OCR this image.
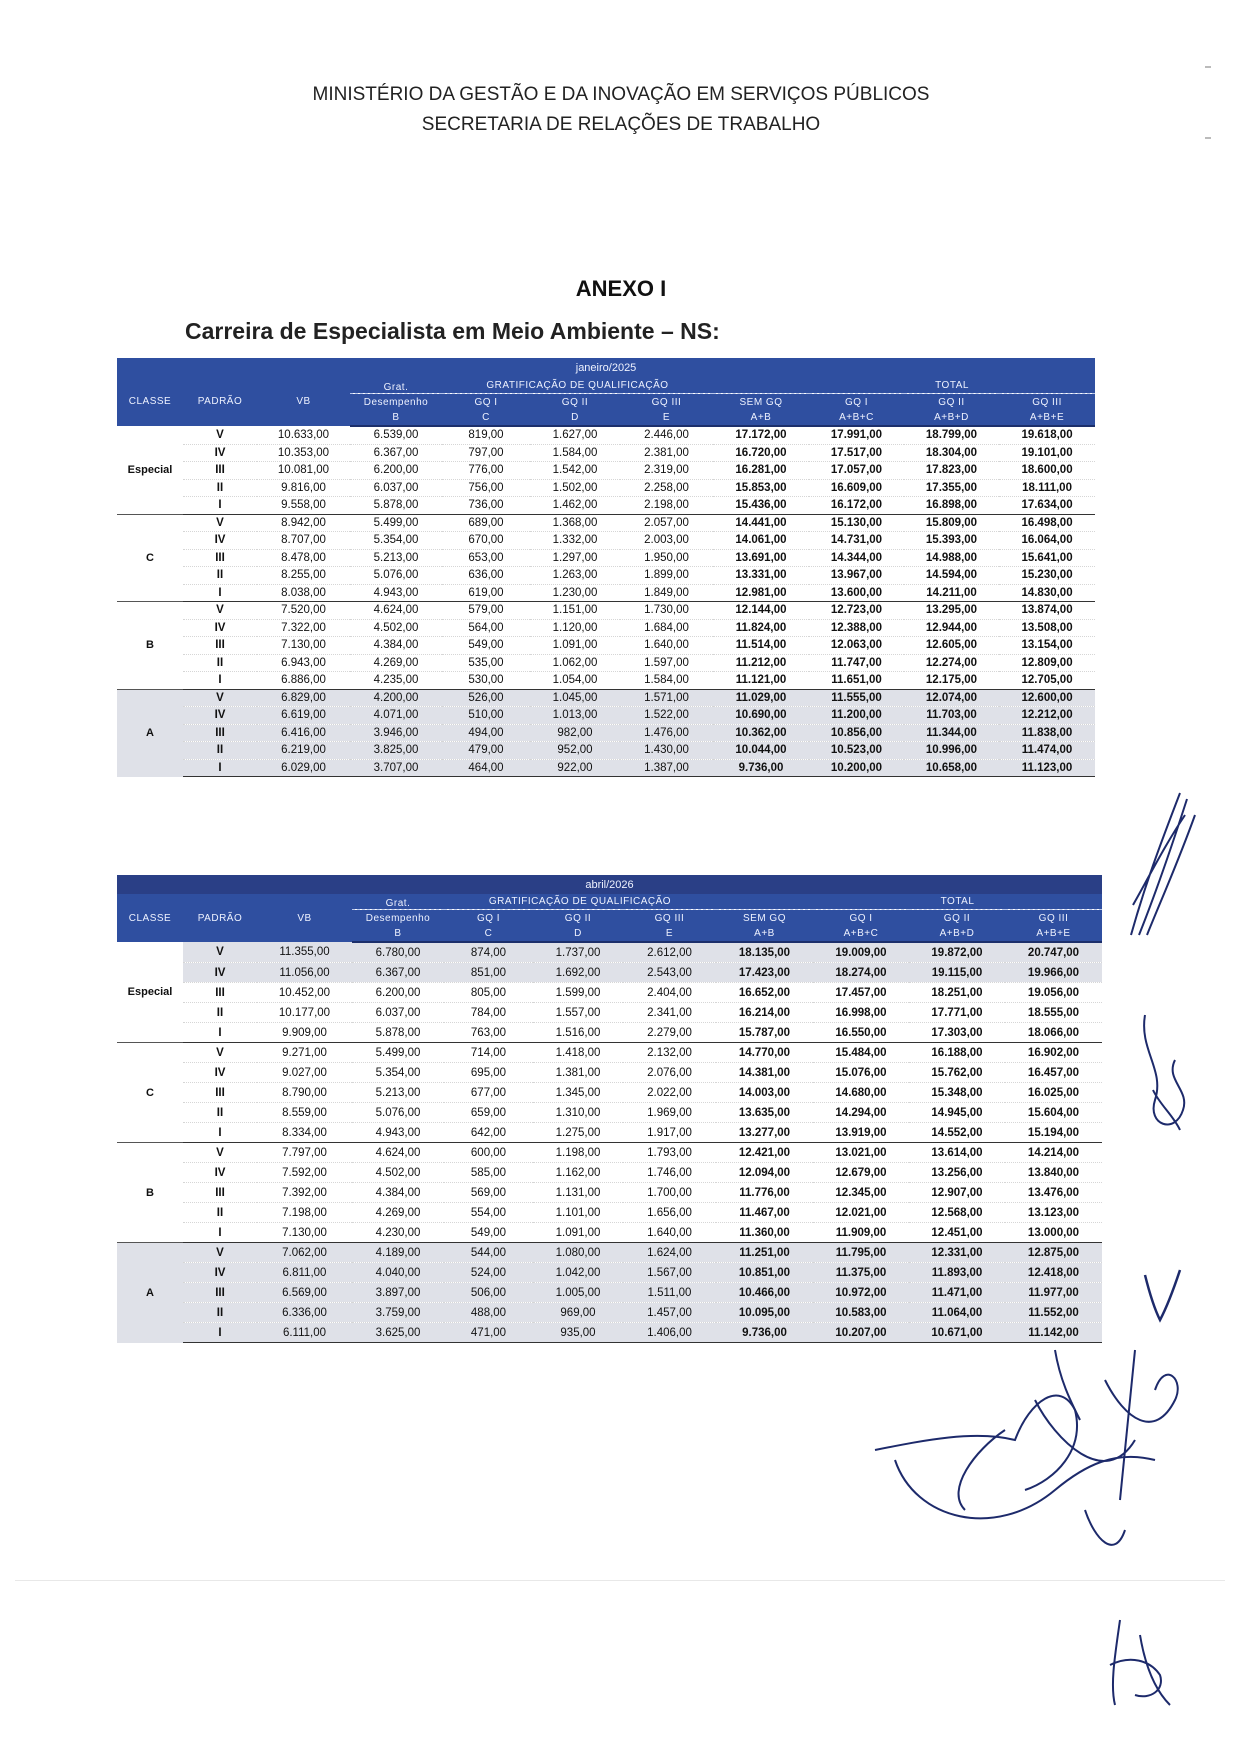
MINISTÉRIO DA GESTÃO E DA INOVAÇÃO EM SERVIÇOS PÚBLICOS
SECRETARIA DE RELAÇÕES DE TRABALHO
ANEXO I
Carreira de Especialista em Meio Ambiente – NS:
janeiro/2025										
CLASSE	PADRÃO	VB	Grat.	GRATIFICAÇÃO DE QUALIFICAÇÃO				TOTAL		
			Desempenho	GQ I	GQ II	GQ III	SEM GQ	GQ I	GQ II	GQ III
			B	C	D	E	A+B	A+B+C	A+B+D	A+B+E
Especial	V	10.633,00	6.539,00	819,00	1.627,00	2.446,00	17.172,00	17.991,00	18.799,00	19.618,00
	IV	10.353,00	6.367,00	797,00	1.584,00	2.381,00	16.720,00	17.517,00	18.304,00	19.101,00
	III	10.081,00	6.200,00	776,00	1.542,00	2.319,00	16.281,00	17.057,00	17.823,00	18.600,00
	II	9.816,00	6.037,00	756,00	1.502,00	2.258,00	15.853,00	16.609,00	17.355,00	18.111,00
	I	9.558,00	5.878,00	736,00	1.462,00	2.198,00	15.436,00	16.172,00	16.898,00	17.634,00
C	V	8.942,00	5.499,00	689,00	1.368,00	2.057,00	14.441,00	15.130,00	15.809,00	16.498,00
	IV	8.707,00	5.354,00	670,00	1.332,00	2.003,00	14.061,00	14.731,00	15.393,00	16.064,00
	III	8.478,00	5.213,00	653,00	1.297,00	1.950,00	13.691,00	14.344,00	14.988,00	15.641,00
	II	8.255,00	5.076,00	636,00	1.263,00	1.899,00	13.331,00	13.967,00	14.594,00	15.230,00
	I	8.038,00	4.943,00	619,00	1.230,00	1.849,00	12.981,00	13.600,00	14.211,00	14.830,00
B	V	7.520,00	4.624,00	579,00	1.151,00	1.730,00	12.144,00	12.723,00	13.295,00	13.874,00
	IV	7.322,00	4.502,00	564,00	1.120,00	1.684,00	11.824,00	12.388,00	12.944,00	13.508,00
	III	7.130,00	4.384,00	549,00	1.091,00	1.640,00	11.514,00	12.063,00	12.605,00	13.154,00
	II	6.943,00	4.269,00	535,00	1.062,00	1.597,00	11.212,00	11.747,00	12.274,00	12.809,00
	I	6.886,00	4.235,00	530,00	1.054,00	1.584,00	11.121,00	11.651,00	12.175,00	12.705,00
A	V	6.829,00	4.200,00	526,00	1.045,00	1.571,00	11.029,00	11.555,00	12.074,00	12.600,00
	IV	6.619,00	4.071,00	510,00	1.013,00	1.522,00	10.690,00	11.200,00	11.703,00	12.212,00
	III	6.416,00	3.946,00	494,00	982,00	1.476,00	10.362,00	10.856,00	11.344,00	11.838,00
	II	6.219,00	3.825,00	479,00	952,00	1.430,00	10.044,00	10.523,00	10.996,00	11.474,00
	I	6.029,00	3.707,00	464,00	922,00	1.387,00	9.736,00	10.200,00	10.658,00	11.123,00
abril/2026										
CLASSE	PADRÃO	VB	Grat.	GRATIFICAÇÃO DE QUALIFICAÇÃO				TOTAL		
			Desempenho	GQ I	GQ II	GQ III	SEM GQ	GQ I	GQ II	GQ III
			B	C	D	E	A+B	A+B+C	A+B+D	A+B+E
Especial	V	11.355,00	6.780,00	874,00	1.737,00	2.612,00	18.135,00	19.009,00	19.872,00	20.747,00
	IV	11.056,00	6.367,00	851,00	1.692,00	2.543,00	17.423,00	18.274,00	19.115,00	19.966,00
	III	10.452,00	6.200,00	805,00	1.599,00	2.404,00	16.652,00	17.457,00	18.251,00	19.056,00
	II	10.177,00	6.037,00	784,00	1.557,00	2.341,00	16.214,00	16.998,00	17.771,00	18.555,00
	I	9.909,00	5.878,00	763,00	1.516,00	2.279,00	15.787,00	16.550,00	17.303,00	18.066,00
C	V	9.271,00	5.499,00	714,00	1.418,00	2.132,00	14.770,00	15.484,00	16.188,00	16.902,00
	IV	9.027,00	5.354,00	695,00	1.381,00	2.076,00	14.381,00	15.076,00	15.762,00	16.457,00
	III	8.790,00	5.213,00	677,00	1.345,00	2.022,00	14.003,00	14.680,00	15.348,00	16.025,00
	II	8.559,00	5.076,00	659,00	1.310,00	1.969,00	13.635,00	14.294,00	14.945,00	15.604,00
	I	8.334,00	4.943,00	642,00	1.275,00	1.917,00	13.277,00	13.919,00	14.552,00	15.194,00
B	V	7.797,00	4.624,00	600,00	1.198,00	1.793,00	12.421,00	13.021,00	13.614,00	14.214,00
	IV	7.592,00	4.502,00	585,00	1.162,00	1.746,00	12.094,00	12.679,00	13.256,00	13.840,00
	III	7.392,00	4.384,00	569,00	1.131,00	1.700,00	11.776,00	12.345,00	12.907,00	13.476,00
	II	7.198,00	4.269,00	554,00	1.101,00	1.656,00	11.467,00	12.021,00	12.568,00	13.123,00
	I	7.130,00	4.230,00	549,00	1.091,00	1.640,00	11.360,00	11.909,00	12.451,00	13.000,00
A	V	7.062,00	4.189,00	544,00	1.080,00	1.624,00	11.251,00	11.795,00	12.331,00	12.875,00
	IV	6.811,00	4.040,00	524,00	1.042,00	1.567,00	10.851,00	11.375,00	11.893,00	12.418,00
	III	6.569,00	3.897,00	506,00	1.005,00	1.511,00	10.466,00	10.972,00	11.471,00	11.977,00
	II	6.336,00	3.759,00	488,00	969,00	1.457,00	10.095,00	10.583,00	11.064,00	11.552,00
	I	6.111,00	3.625,00	471,00	935,00	1.406,00	9.736,00	10.207,00	10.671,00	11.142,00
